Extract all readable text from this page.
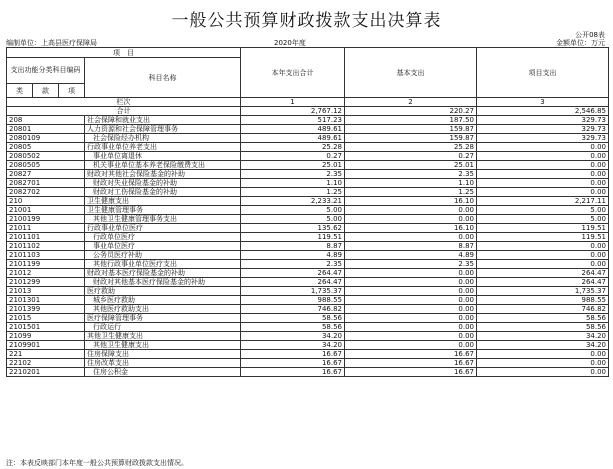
一般公共预算财政拨款支出决算表
公开08表
编制单位：上高县医疗保障局	2020年度	金额单位：万元
项　目				本年支出合计	基本支出	项目支出
支出功能分类科目编码			科目名称			
类	款	项				
栏次				1	2	3
合计				2,767.12	220.27	2,546.85
208			社会保障和就业支出	517.23	187.50	329.73
20801			人力资源和社会保障管理事务	489.61	159.87	329.73
2080109			社会保险经办机构	489.61	159.87	329.73
20805			行政事业单位养老支出	25.28	25.28	0.00
2080502			事业单位离退休	0.27	0.27	0.00
2080505			机关事业单位基本养老保险缴费支出	25.01	25.01	0.00
20827			财政对其他社会保险基金的补助	2.35	2.35	0.00
2082701			财政对失业保险基金的补助	1.10	1.10	0.00
2082702			财政对工伤保险基金的补助	1.25	1.25	0.00
210			卫生健康支出	2,233.21	16.10	2,217.11
21001			卫生健康管理事务	5.00	0.00	5.00
2100199			其他卫生健康管理事务支出	5.00	0.00	5.00
21011			行政事业单位医疗	135.62	16.10	119.51
2101101			行政单位医疗	119.51	0.00	119.51
2101102			事业单位医疗	8.87	8.87	0.00
2101103			公务员医疗补助	4.89	4.89	0.00
2101199			其他行政事业单位医疗支出	2.35	2.35	0.00
21012			财政对基本医疗保险基金的补助	264.47	0.00	264.47
2101299			财政对其他基本医疗保险基金的补助	264.47	0.00	264.47
21013			医疗救助	1,735.37	0.00	1,735.37
2101301			城乡医疗救助	988.55	0.00	988.55
2101399			其他医疗救助支出	746.82	0.00	746.82
21015			医疗保障管理事务	58.56	0.00	58.56
2101501			行政运行	58.56	0.00	58.56
21099			其他卫生健康支出	34.20	0.00	34.20
2109901			其他卫生健康支出	34.20	0.00	34.20
221			住房保障支出	16.67	16.67	0.00
22102			住房改革支出	16.67	16.67	0.00
2210201			住房公积金	16.67	16.67	0.00
注：本表反映部门本年度一般公共预算财政拨款支出情况。
